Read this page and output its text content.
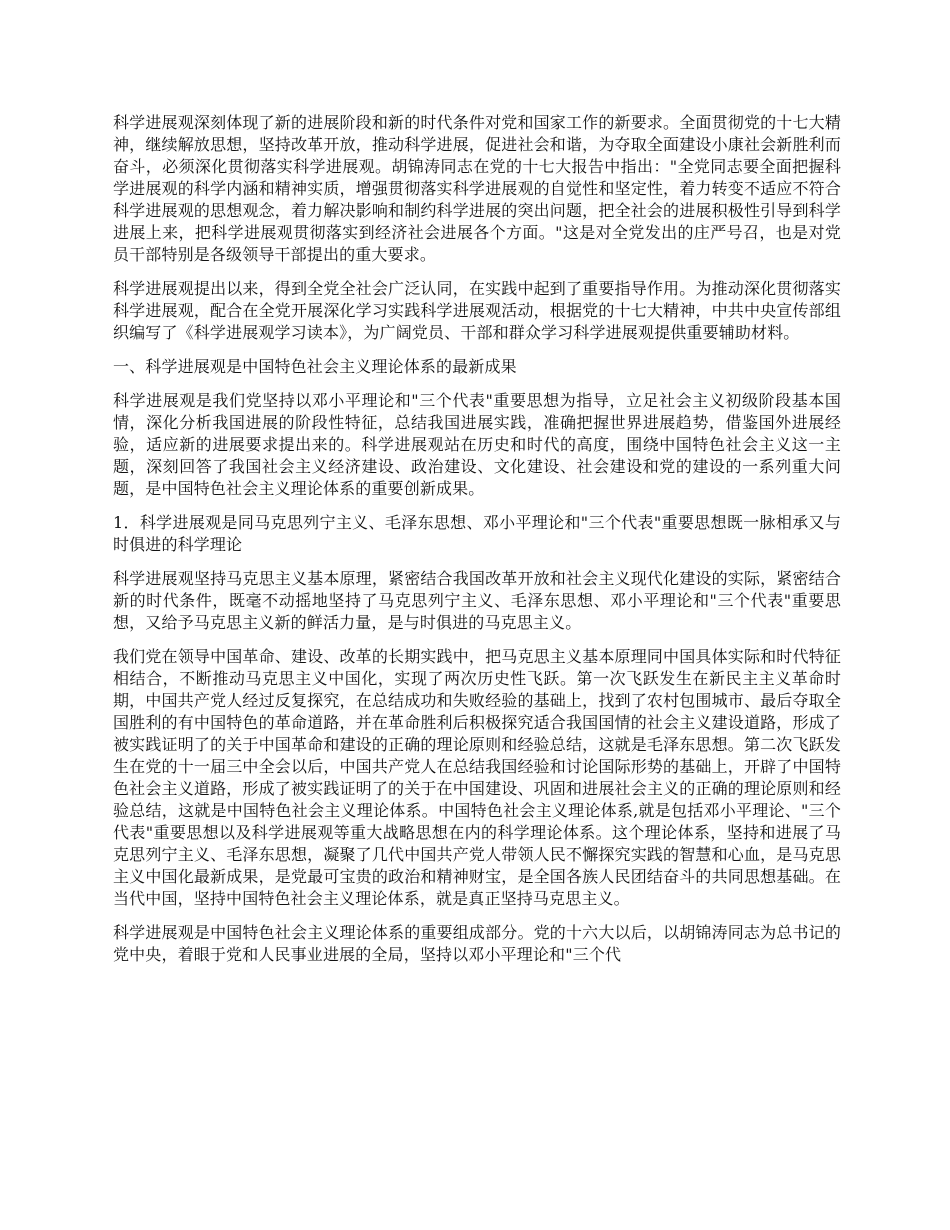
科学进展观深刻体现了新的进展阶段和新的时代条件对党和国家工作的新要求。全面贯彻党的十七大精神，继续解放思想，坚持改革开放，推动科学进展，促进社会和谐，为夺取全面建设小康社会新胜利而奋斗，必须深化贯彻落实科学进展观。胡锦涛同志在党的十七大报告中指出："全党同志要全面把握科学进展观的科学内涵和精神实质，增强贯彻落实科学进展观的自觉性和坚定性，着力转变不适应不符合科学进展观的思想观念，着力解决影响和制约科学进展的突出问题，把全社会的进展积极性引导到科学进展上来，把科学进展观贯彻落实到经济社会进展各个方面。"这是对全党发出的庄严号召，也是对党员干部特别是各级领导干部提出的重大要求。

科学进展观提出以来，得到全党全社会广泛认同，在实践中起到了重要指导作用。为推动深化贯彻落实科学进展观，配合在全党开展深化学习实践科学进展观活动，根据党的十七大精神，中共中央宣传部组织编写了《科学进展观学习读本》，为广阔党员、干部和群众学习科学进展观提供重要辅助材料。

一、科学进展观是中国特色社会主义理论体系的最新成果

科学进展观是我们党坚持以邓小平理论和"三个代表"重要思想为指导，立足社会主义初级阶段基本国情，深化分析我国进展的阶段性特征，总结我国进展实践，准确把握世界进展趋势，借鉴国外进展经验，适应新的进展要求提出来的。科学进展观站在历史和时代的高度，围绕中国特色社会主义这一主题，深刻回答了我国社会主义经济建设、政治建设、文化建设、社会建设和党的建设的一系列重大问题，是中国特色社会主义理论体系的重要创新成果。

1．科学进展观是同马克思列宁主义、毛泽东思想、邓小平理论和"三个代表"重要思想既一脉相承又与时俱进的科学理论

科学进展观坚持马克思主义基本原理，紧密结合我国改革开放和社会主义现代化建设的实际，紧密结合新的时代条件，既毫不动摇地坚持了马克思列宁主义、毛泽东思想、邓小平理论和"三个代表"重要思想，又给予马克思主义新的鲜活力量，是与时俱进的马克思主义。

我们党在领导中国革命、建设、改革的长期实践中，把马克思主义基本原理同中国具体实际和时代特征相结合，不断推动马克思主义中国化，实现了两次历史性飞跃。第一次飞跃发生在新民主主义革命时期，中国共产党人经过反复探究，在总结成功和失败经验的基础上，找到了农村包围城市、最后夺取全国胜利的有中国特色的革命道路，并在革命胜利后积极探究适合我国国情的社会主义建设道路，形成了被实践证明了的关于中国革命和建设的正确的理论原则和经验总结，这就是毛泽东思想。第二次飞跃发生在党的十一届三中全会以后，中国共产党人在总结我国经验和讨论国际形势的基础上，开辟了中国特色社会主义道路，形成了被实践证明了的关于在中国建设、巩固和进展社会主义的正确的理论原则和经验总结，这就是中国特色社会主义理论体系。中国特色社会主义理论体系,就是包括邓小平理论、"三个代表"重要思想以及科学进展观等重大战略思想在内的科学理论体系。这个理论体系，坚持和进展了马克思列宁主义、毛泽东思想，凝聚了几代中国共产党人带领人民不懈探究实践的智慧和心血，是马克思主义中国化最新成果，是党最可宝贵的政治和精神财宝，是全国各族人民团结奋斗的共同思想基础。在当代中国，坚持中国特色社会主义理论体系，就是真正坚持马克思主义。

科学进展观是中国特色社会主义理论体系的重要组成部分。党的十六大以后，以胡锦涛同志为总书记的党中央，着眼于党和人民事业进展的全局，坚持以邓小平理论和"三个代
